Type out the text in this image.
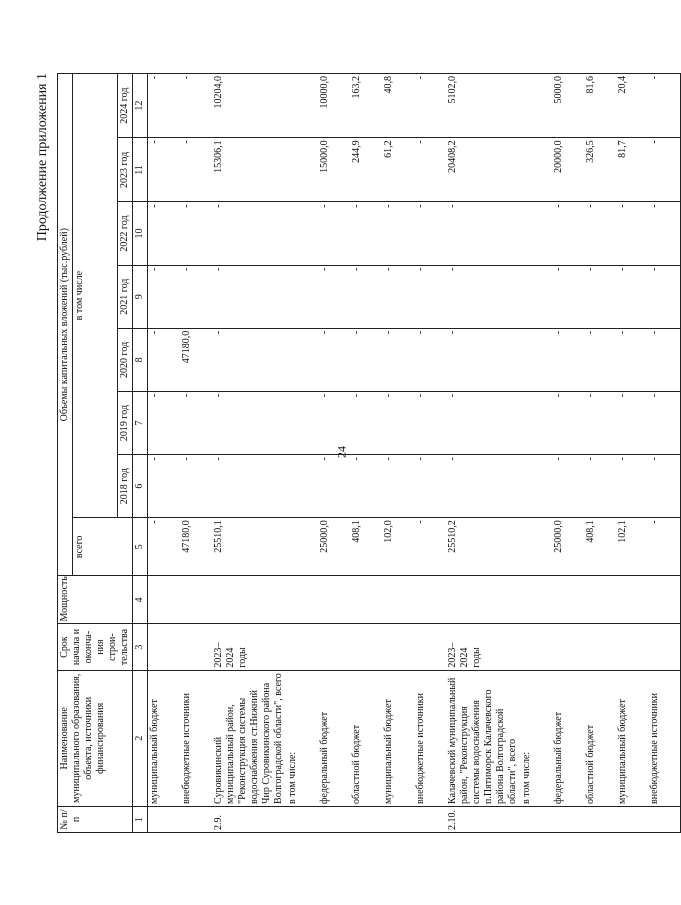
24
Продолжение приложения 1
№ п/п	Наименование муниципального образования, объекта, источники финансирования	Срок начала и оконча-ния строи-тельства	Мощность	Объемы капитальных вложений (тыс.рублей)							
				всего	в том числе						
					2018 год	2019 год	2020 год	2021 год	2022 год	2023 год	2024 год
1	2	3	4	5	6	7	8	9	10	11	12
	муниципальный бюджет			-	-	-	-	-	-	-	-
	внебюджетные источники			47180,0	-	-	47180,0	-	-	-	-
2.9.	Суровикинский муниципальный район, "Реконструкция системы водоснабжения ст.Нижний Чир Суровикинского района Волгоградской области", всего	2023–2024 годы		25510,1	-	-	-	-	-	15306,1	10204,0
	в том числе:										
	федеральный бюджет			25000,0	-	-	-	-	-	15000,0	10000,0
	областной бюджет			408,1	-	-	-	-	-	244,9	163,2
	муниципальный бюджет			102,0	-	-	-	-	-	61,2	40,8
	внебюджетные источники			-	-	-	-	-	-	-	-
2.10.	Калачевский муниципальный район, "Реконструкция системы водоснабжения п.Пятиморск Калачевского района Волгоградской области", всего	2023–2024 годы		25510,2	-	-	-	-	-	20408,2	5102,0
	в том числе:										
	федеральный бюджет			25000,0	-	-	-	-	-	20000,0	5000,0
	областной бюджет			408,1	-	-	-	-	-	326,5	81,6
	муниципальный бюджет			102,1	-	-	-	-	-	81,7	20,4
	внебюджетные источники			-	-	-	-	-	-	-	-
